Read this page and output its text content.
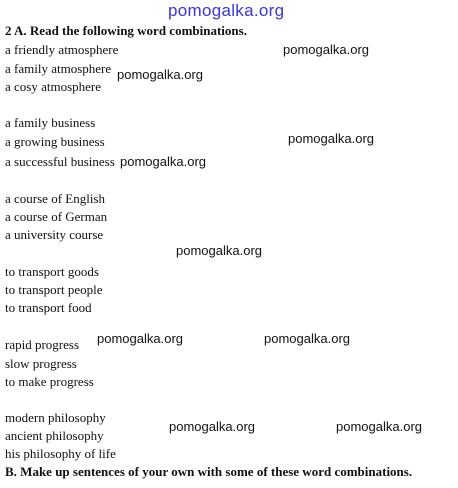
pomogalka.org
2 A. Read the following word combinations.
a friendly atmosphere
a family atmosphere
a cosy atmosphere
a family business
a growing business
a successful business
a course of English
a course of German
a university course
to transport goods
to transport people
to transport food
rapid progress
slow progress
to make progress
modern philosophy
ancient philosophy
his philosophy of life
B. Make up sentences of your own with some of these word combinations.
pomogalka.org
pomogalka.org
pomogalka.org
pomogalka.org
pomogalka.org
pomogalka.org	pomogalka.org
pomogalka.org	pomogalka.org
